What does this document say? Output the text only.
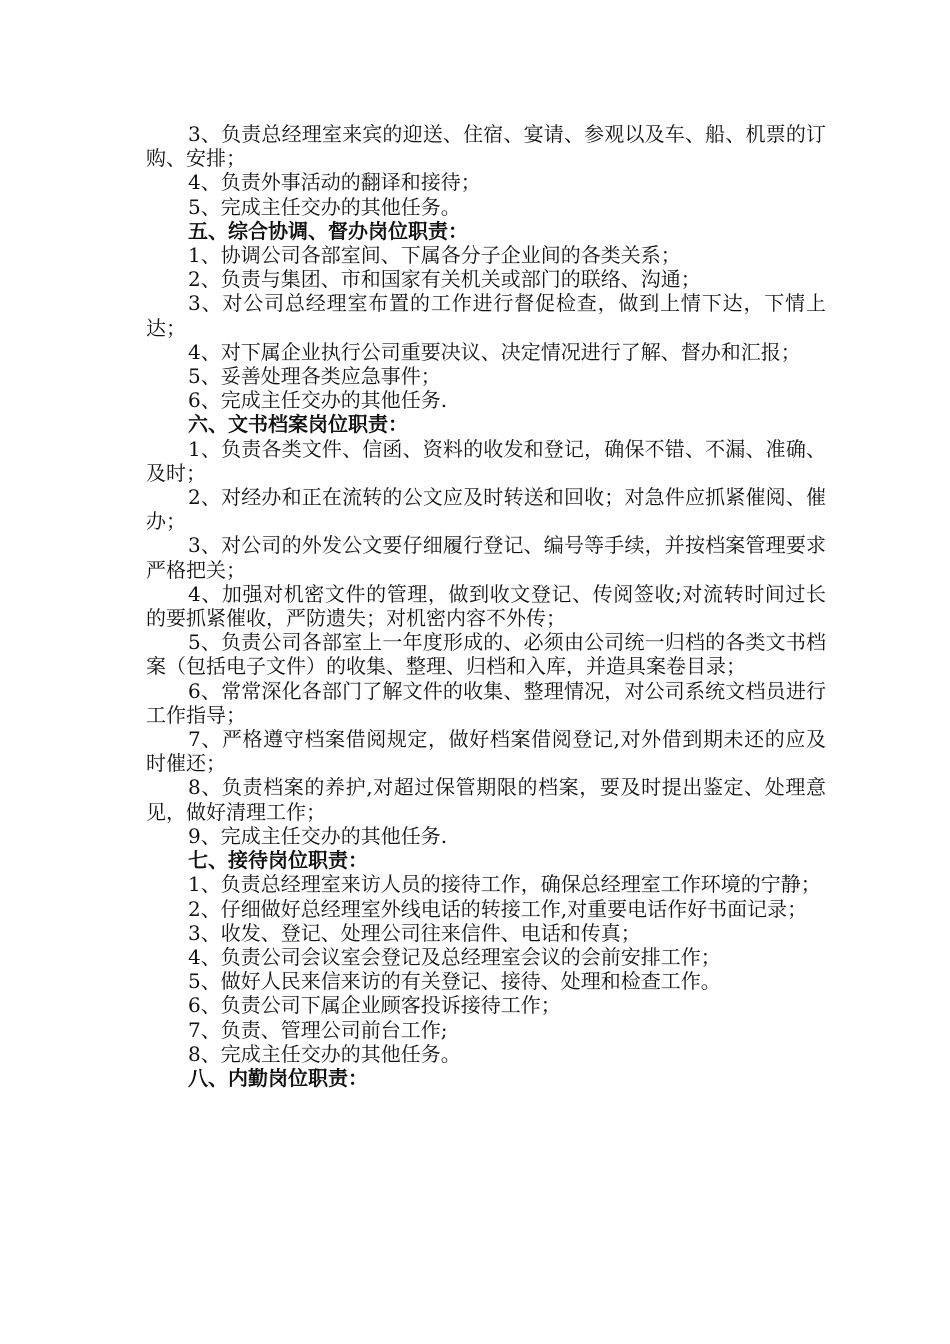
3、负责总经理室来宾的迎送、住宿、宴请、参观以及车、船、机票的订购、安排；

4、负责外事活动的翻译和接待；

5、完成主任交办的其他任务。

五、综合协调、督办岗位职责：

1、协调公司各部室间、下属各分子企业间的各类关系；

2、负责与集团、市和国家有关机关或部门的联络、沟通；

3、对公司总经理室布置的工作进行督促检查，做到上情下达，下情上达；

4、对下属企业执行公司重要决议、决定情况进行了解、督办和汇报；

5、妥善处理各类应急事件；

6、完成主任交办的其他任务.

六、文书档案岗位职责：

1、负责各类文件、信函、资料的收发和登记，确保不错、不漏、准确、及时；

2、对经办和正在流转的公文应及时转送和回收；对急件应抓紧催阅、催办；

3、对公司的外发公文要仔细履行登记、编号等手续，并按档案管理要求严格把关；

4、加强对机密文件的管理，做到收文登记、传阅签收;对流转时间过长的要抓紧催收，严防遗失；对机密内容不外传；

5、负责公司各部室上一年度形成的、必须由公司统一归档的各类文书档案（包括电子文件）的收集、整理、归档和入库，并造具案卷目录；

6、常常深化各部门了解文件的收集、整理情况，对公司系统文档员进行工作指导；

7、严格遵守档案借阅规定，做好档案借阅登记,对外借到期未还的应及时催还；

8、负责档案的养护,对超过保管期限的档案，要及时提出鉴定、处理意见，做好清理工作；

9、完成主任交办的其他任务.

七、接待岗位职责：

1、负责总经理室来访人员的接待工作，确保总经理室工作环境的宁静；

2、仔细做好总经理室外线电话的转接工作,对重要电话作好书面记录；

3、收发、登记、处理公司往来信件、电话和传真；

4、负责公司会议室会登记及总经理室会议的会前安排工作；

5、做好人民来信来访的有关登记、接待、处理和检查工作。

6、负责公司下属企业顾客投诉接待工作；

7、负责、管理公司前台工作;

8、完成主任交办的其他任务。

八、内勤岗位职责：
